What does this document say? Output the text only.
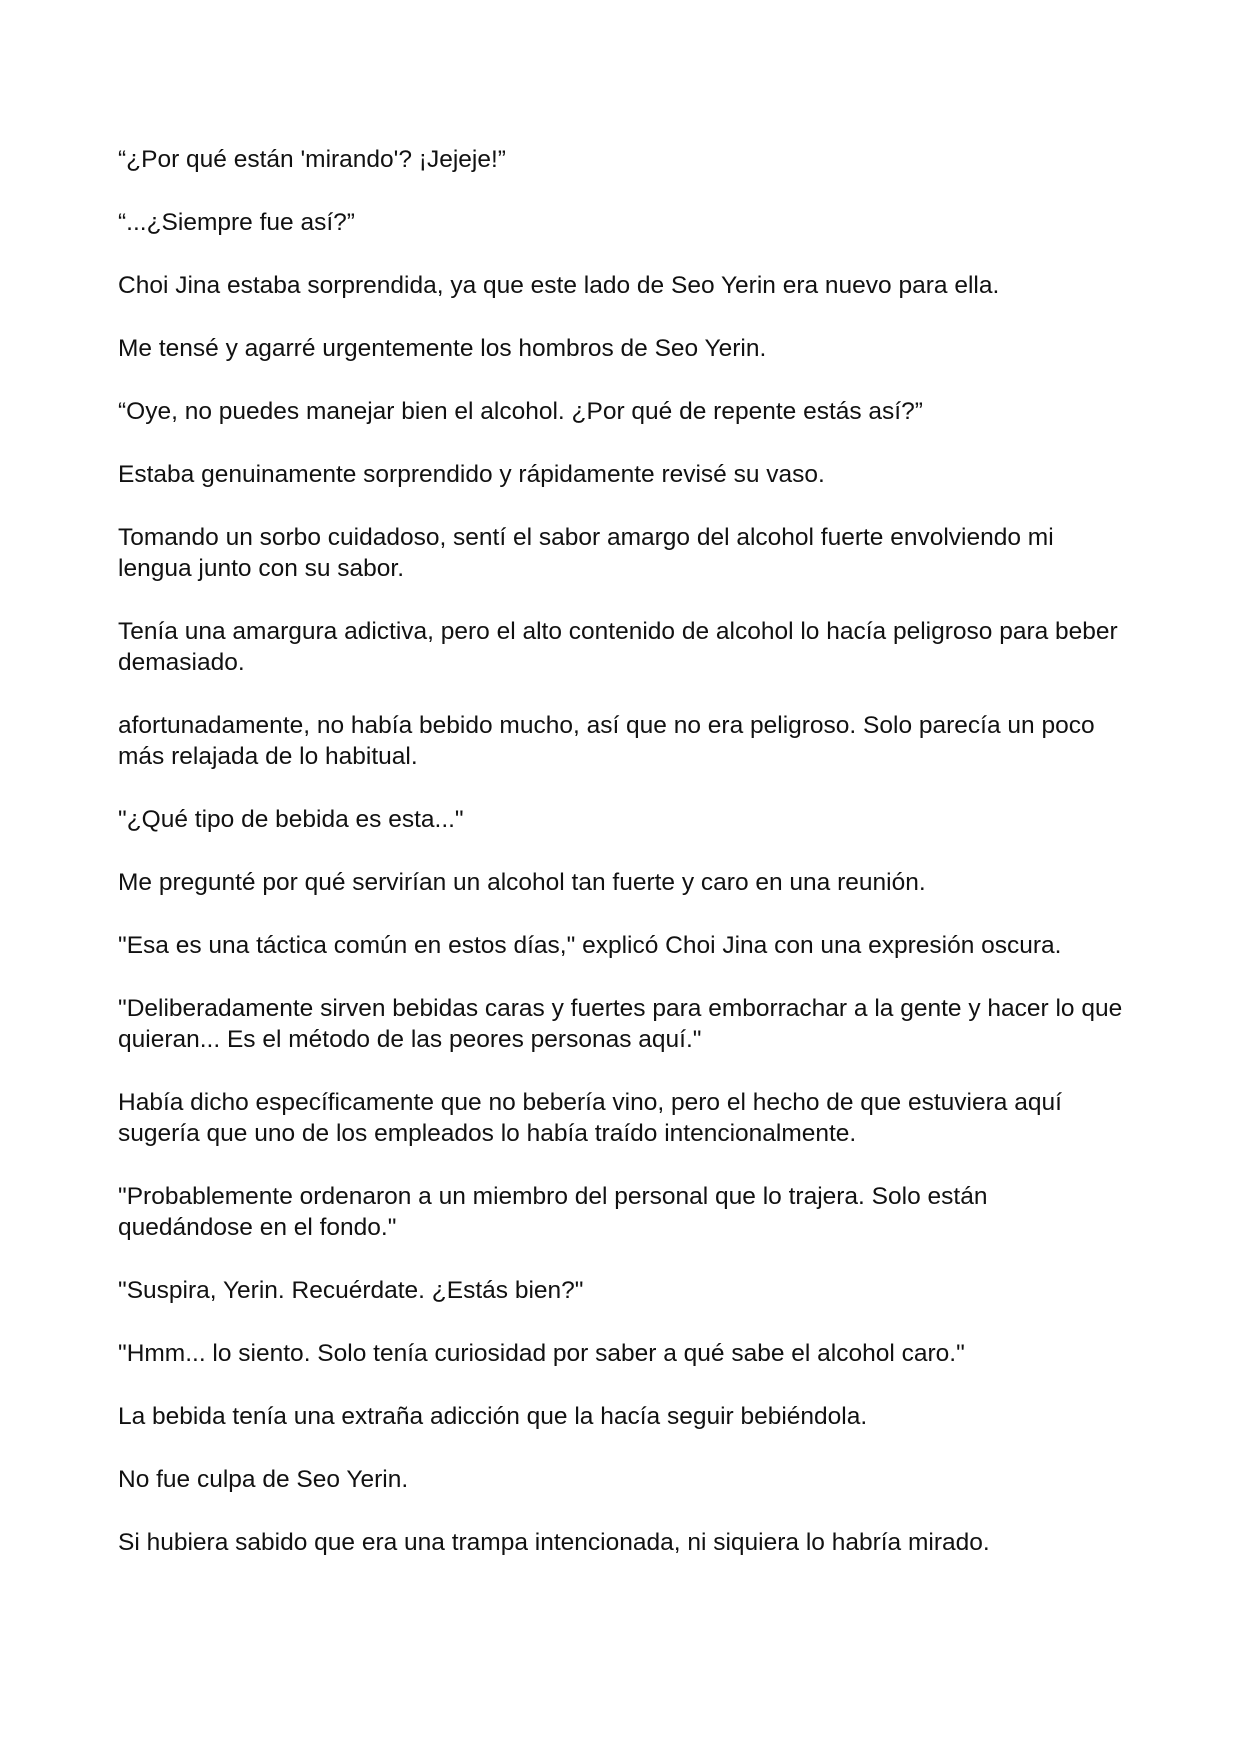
“¿Por qué están 'mirando'? ¡Jejeje!”

“...¿Siempre fue así?”

Choi Jina estaba sorprendida, ya que este lado de Seo Yerin era nuevo para ella.

Me tensé y agarré urgentemente los hombros de Seo Yerin.

“Oye, no puedes manejar bien el alcohol. ¿Por qué de repente estás así?”

Estaba genuinamente sorprendido y rápidamente revisé su vaso.

Tomando un sorbo cuidadoso, sentí el sabor amargo del alcohol fuerte envolviendo mi lengua junto con su sabor.

Tenía una amargura adictiva, pero el alto contenido de alcohol lo hacía peligroso para beber demasiado.

afortunadamente, no había bebido mucho, así que no era peligroso. Solo parecía un poco más relajada de lo habitual.

"¿Qué tipo de bebida es esta..."

Me pregunté por qué servirían un alcohol tan fuerte y caro en una reunión.

"Esa es una táctica común en estos días," explicó Choi Jina con una expresión oscura.

"Deliberadamente sirven bebidas caras y fuertes para emborrachar a la gente y hacer lo que quieran... Es el método de las peores personas aquí."

Había dicho específicamente que no bebería vino, pero el hecho de que estuviera aquí sugería que uno de los empleados lo había traído intencionalmente.

"Probablemente ordenaron a un miembro del personal que lo trajera. Solo están quedándose en el fondo."

"Suspira, Yerin. Recuérdate. ¿Estás bien?"

"Hmm... lo siento. Solo tenía curiosidad por saber a qué sabe el alcohol caro."

La bebida tenía una extraña adicción que la hacía seguir bebiéndola.

No fue culpa de Seo Yerin.

Si hubiera sabido que era una trampa intencionada, ni siquiera lo habría mirado.
